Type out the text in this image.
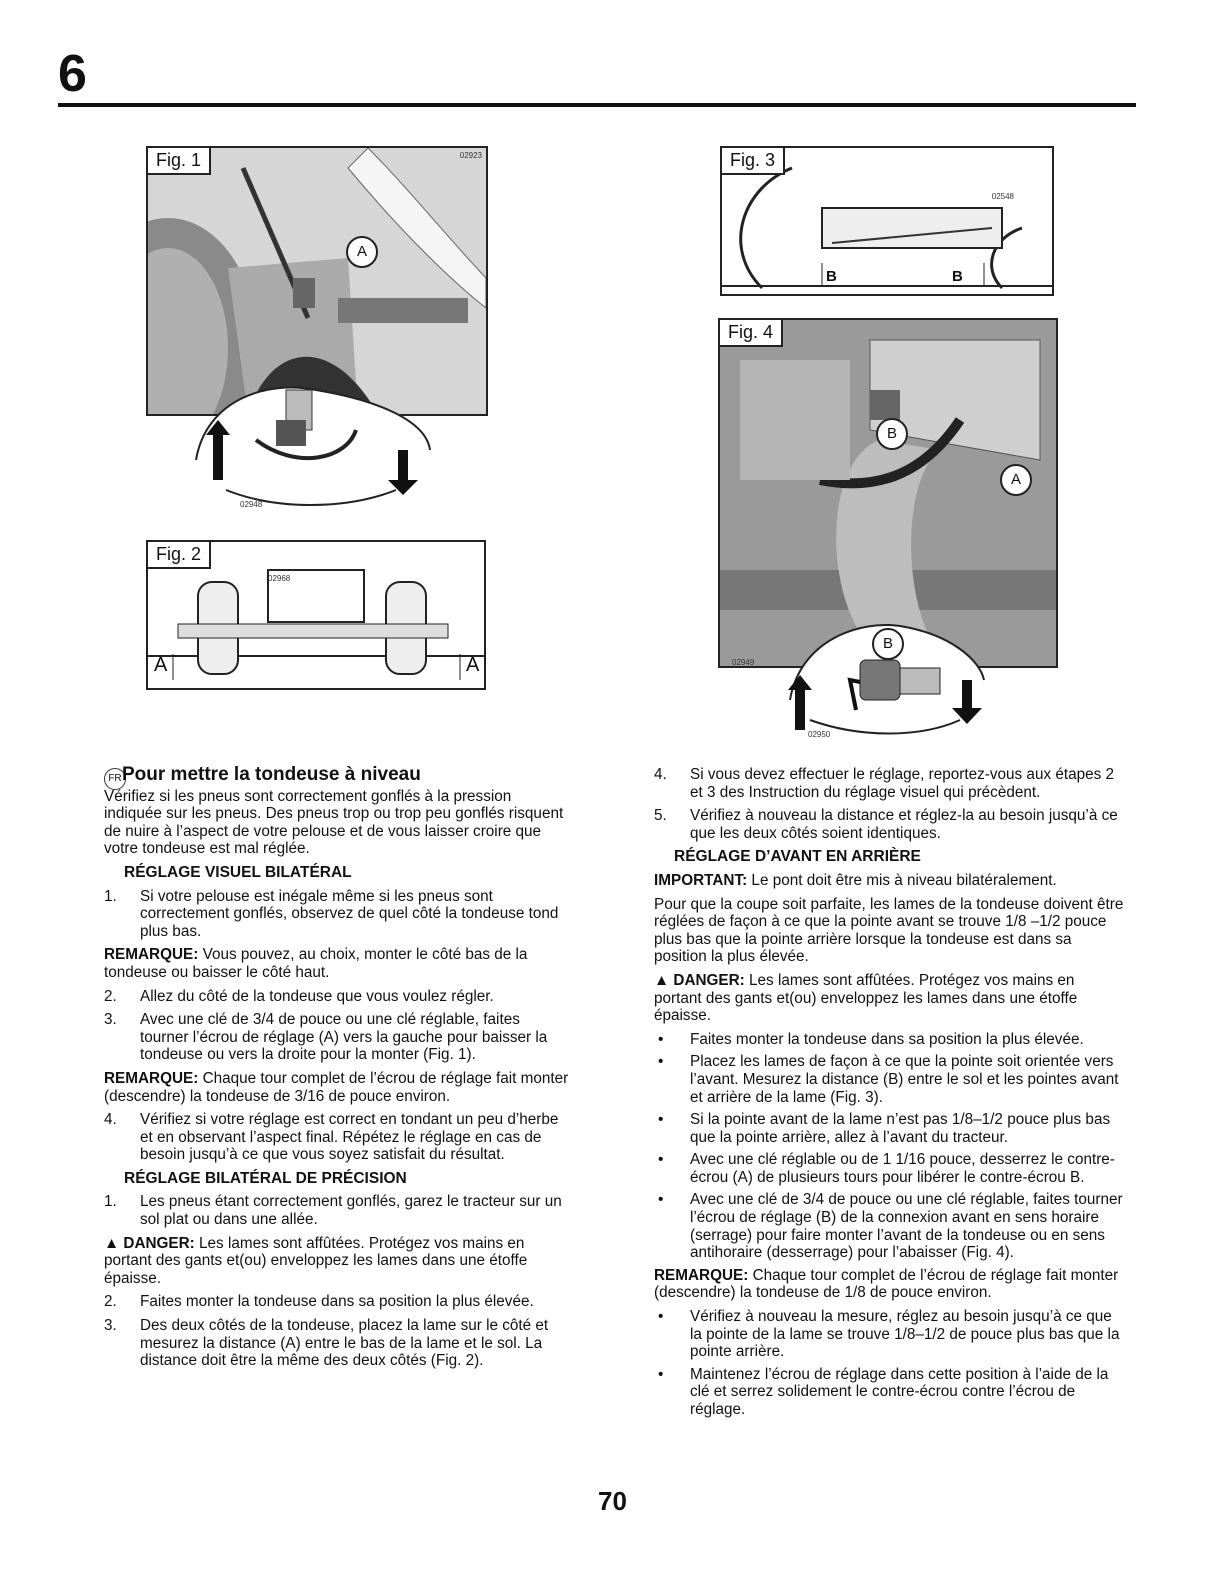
6
Fig. 1	02923
A
02948
Fig. 2
02968
A	A
Fig. 3
02548
B	B
Fig. 4
B
A
02949
B
02950
FR Pour mettre la tondeuse à niveau

Vérifiez si les pneus sont correctement gonflés à la pression indiquée sur les pneus. Des pneus trop ou trop peu gonflés risquent de nuire à l’aspect de votre pelouse et de vous laisser croire que votre tondeuse est mal réglée.

RÉGLAGE VISUEL BILATÉRAL
1. Si votre pelouse est inégale même si les pneus sont correctement gonflés, observez de quel côté la tondeuse tond plus bas.

REMARQUE: Vous pouvez, au choix, monter le côté bas de la tondeuse ou baisser le côté haut.

2. Allez du côté de la tondeuse que vous voulez régler.
3. Avec une clé de 3/4 de pouce ou une clé réglable, faites tourner l’écrou de réglage (A) vers la gauche pour baisser la tondeuse ou vers la droite pour la monter (Fig. 1).

REMARQUE: Chaque tour complet de l’écrou de réglage fait monter (descendre) la tondeuse de 3/16 de pouce environ.

4. Vérifiez si votre réglage est correct en tondant un peu d’herbe et en observant l’aspect final. Répétez le réglage en cas de besoin jusqu’à ce que vous soyez satisfait du résultat.
RÉGLAGE BILATÉRAL DE PRÉCISION
1. Les pneus étant correctement gonflés, garez le tracteur sur un sol plat ou dans une allée.

▲ DANGER: Les lames sont affûtées. Protégez vos mains en portant des gants et(ou) enveloppez les lames dans une étoffe épaisse.

2. Faites monter la tondeuse dans sa position la plus élevée.
3. Des deux côtés de la tondeuse, placez la lame sur le côté et mesurez la distance (A) entre le bas de la lame et le sol. La distance doit être la même des deux côtés (Fig. 2).
4. Si vous devez effectuer le réglage, reportez-vous aux étapes 2 et 3 des Instruction du réglage visuel qui précèdent.
5. Vérifiez à nouveau la distance et réglez-la au besoin jusqu’à ce que les deux côtés soient identiques.
RÉGLAGE D’AVANT EN ARRIÈRE

IMPORTANT: Le pont doit être mis à niveau bilatéralement.

Pour que la coupe soit parfaite, les lames de la tondeuse doivent être réglées de façon à ce que la pointe avant se trouve 1/8 –1/2 pouce plus bas que la pointe arrière lorsque la tondeuse est dans sa position la plus élevée.

▲ DANGER: Les lames sont affûtées. Protégez vos mains en portant des gants et(ou) enveloppez les lames dans une étoffe épaisse.

• Faites monter la tondeuse dans sa position la plus élevée.
• Placez les lames de façon à ce que la pointe soit orientée vers l’avant. Mesurez la distance (B) entre le sol et les pointes avant et arrière de la lame (Fig. 3).
• Si la pointe avant de la lame n’est pas 1/8–1/2 pouce plus bas que la pointe arrière, allez à l’avant du tracteur.
• Avec une clé réglable ou de 1 1/16 pouce, desserrez le contre-écrou (A) de plusieurs tours pour libérer le contre-écrou B.
• Avec une clé de 3/4 de pouce ou une clé réglable, faites tourner l’écrou de réglage (B) de la connexion avant en sens horaire (serrage) pour faire monter l’avant de la tondeuse ou en sens antihoraire (desserrage) pour l’abaisser (Fig. 4).

REMARQUE: Chaque tour complet de l’écrou de réglage fait monter (descendre) la tondeuse de 1/8 de pouce environ.

• Vérifiez à nouveau la mesure, réglez au besoin jusqu’à ce que la pointe de la lame se trouve 1/8–1/2 de pouce plus bas que la pointe arrière.
• Maintenez l’écrou de réglage dans cette position à l’aide de la clé et serrez solidement le contre-écrou contre l’écrou de réglage.
70
